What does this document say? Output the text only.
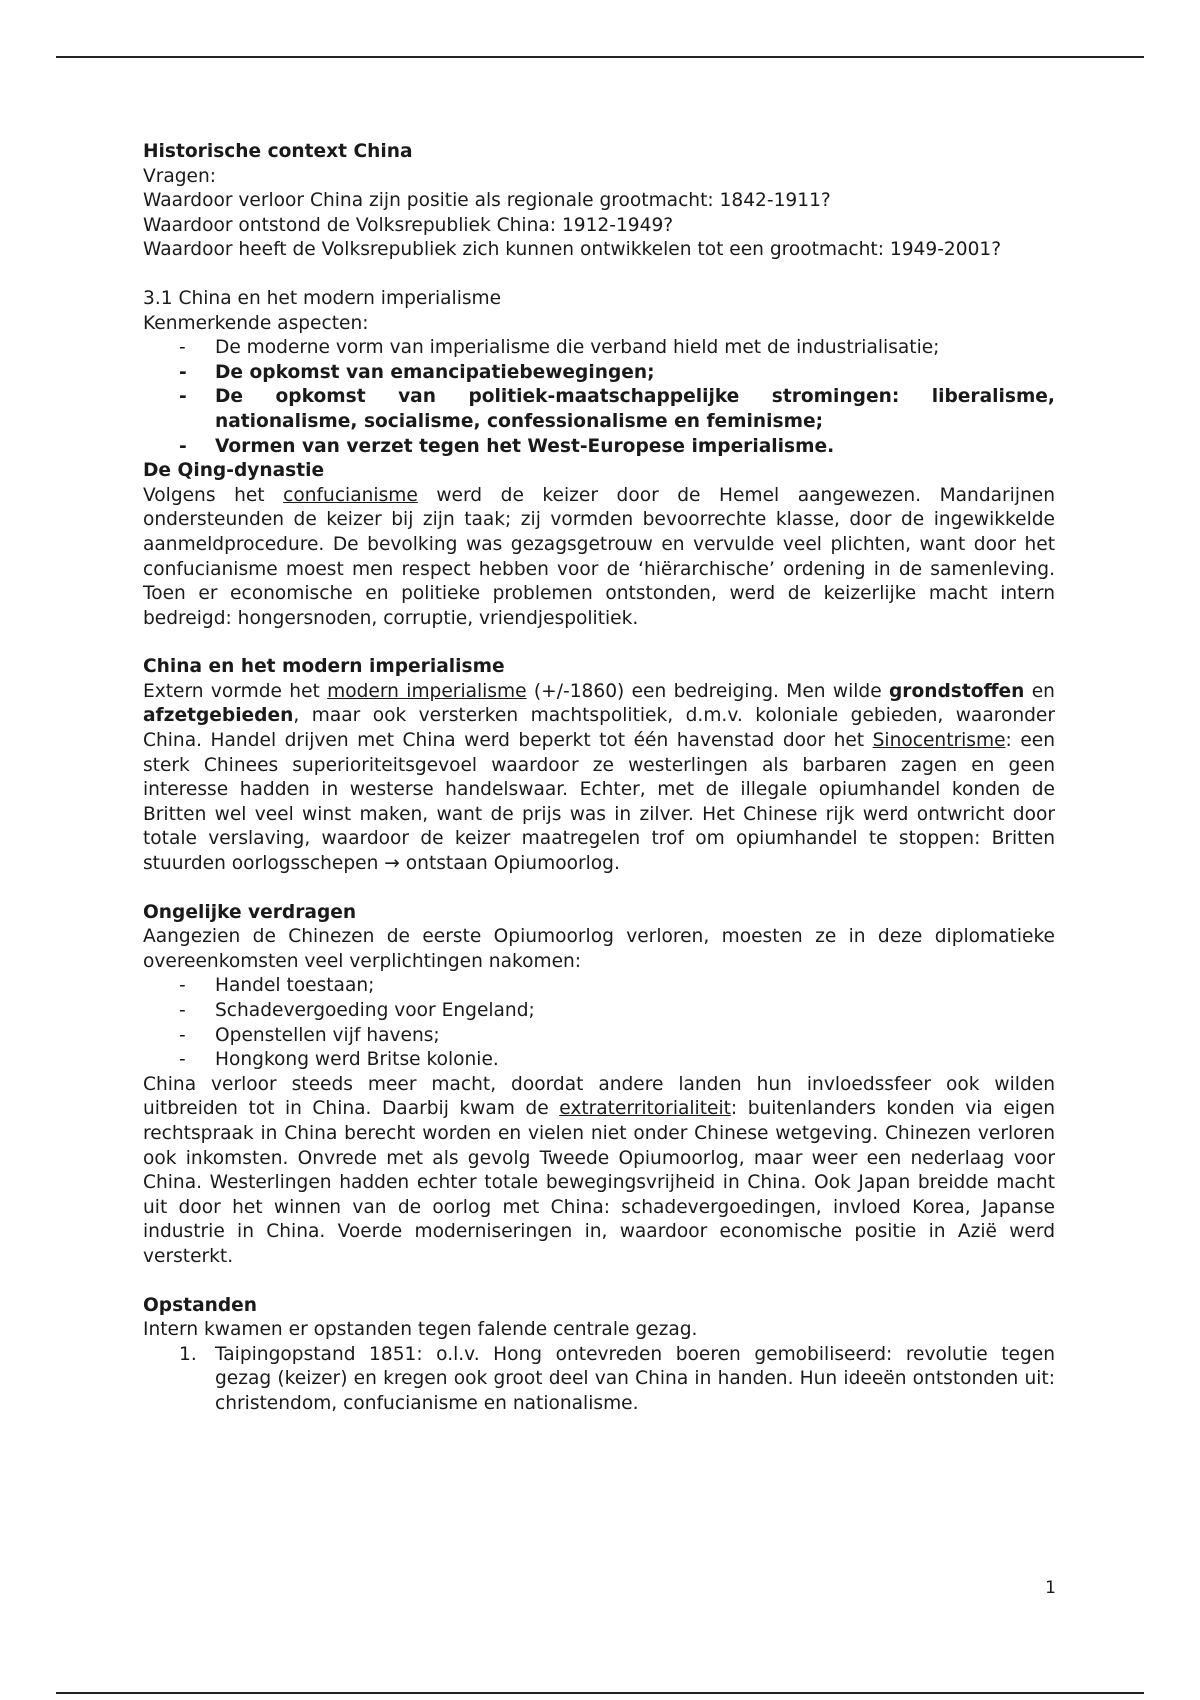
Historische context China

Vragen:

Waardoor verloor China zijn positie als regionale grootmacht: 1842-1911?

Waardoor ontstond de Volksrepubliek China: 1912-1949?

Waardoor heeft de Volksrepubliek zich kunnen ontwikkelen tot een grootmacht: 1949-2001?

3.1 China en het modern imperialisme

Kenmerkende aspecten:

- De moderne vorm van imperialisme die verband hield met de industrialisatie;
- De opkomst van emancipatiebewegingen;
- De opkomst van politiek-maatschappelijke stromingen: liberalisme, nationalisme, socialisme, confessionalisme en feminisme;
- Vormen van verzet tegen het West-Europese imperialisme.

De Qing-dynastie

Volgens het confucianisme werd de keizer door de Hemel aangewezen. Mandarijnen ondersteunden de keizer bij zijn taak; zij vormden bevoorrechte klasse, door de ingewikkelde aanmeldprocedure. De bevolking was gezagsgetrouw en vervulde veel plichten, want door het confucianisme moest men respect hebben voor de ‘hiërarchische’ ordening in de samenleving. Toen er economische en politieke problemen ontstonden, werd de keizerlijke macht intern bedreigd: hongersnoden, corruptie, vriendjespolitiek.

China en het modern imperialisme

Extern vormde het modern imperialisme (+/-1860) een bedreiging. Men wilde grondstoffen en afzetgebieden, maar ook versterken machtspolitiek, d.m.v. koloniale gebieden, waaronder China. Handel drijven met China werd beperkt tot één havenstad door het Sinocentrisme: een sterk Chinees superioriteitsgevoel waardoor ze westerlingen als barbaren zagen en geen interesse hadden in westerse handelswaar. Echter, met de illegale opiumhandel konden de Britten wel veel winst maken, want de prijs was in zilver. Het Chinese rijk werd ontwricht door totale verslaving, waardoor de keizer maatregelen trof om opiumhandel te stoppen: Britten stuurden oorlogsschepen → ontstaan Opiumoorlog.

Ongelijke verdragen

Aangezien de Chinezen de eerste Opiumoorlog verloren, moesten ze in deze diplomatieke overeenkomsten veel verplichtingen nakomen:

- Handel toestaan;
- Schadevergoeding voor Engeland;
- Openstellen vijf havens;
- Hongkong werd Britse kolonie.

China verloor steeds meer macht, doordat andere landen hun invloedssfeer ook wilden uitbreiden tot in China. Daarbij kwam de extraterritorialiteit: buitenlanders konden via eigen rechtspraak in China berecht worden en vielen niet onder Chinese wetgeving. Chinezen verloren ook inkomsten. Onvrede met als gevolg Tweede Opiumoorlog, maar weer een nederlaag voor China. Westerlingen hadden echter totale bewegingsvrijheid in China. Ook Japan breidde macht uit door het winnen van de oorlog met China: schadevergoedingen, invloed Korea, Japanse industrie in China. Voerde moderniseringen in, waardoor economische positie in Azië werd versterkt.

Opstanden

Intern kwamen er opstanden tegen falende centrale gezag.

1. Taipingopstand 1851: o.l.v. Hong ontevreden boeren gemobiliseerd: revolutie tegen gezag (keizer) en kregen ook groot deel van China in handen. Hun ideeën ontstonden uit: christendom, confucianisme en nationalisme.
1
